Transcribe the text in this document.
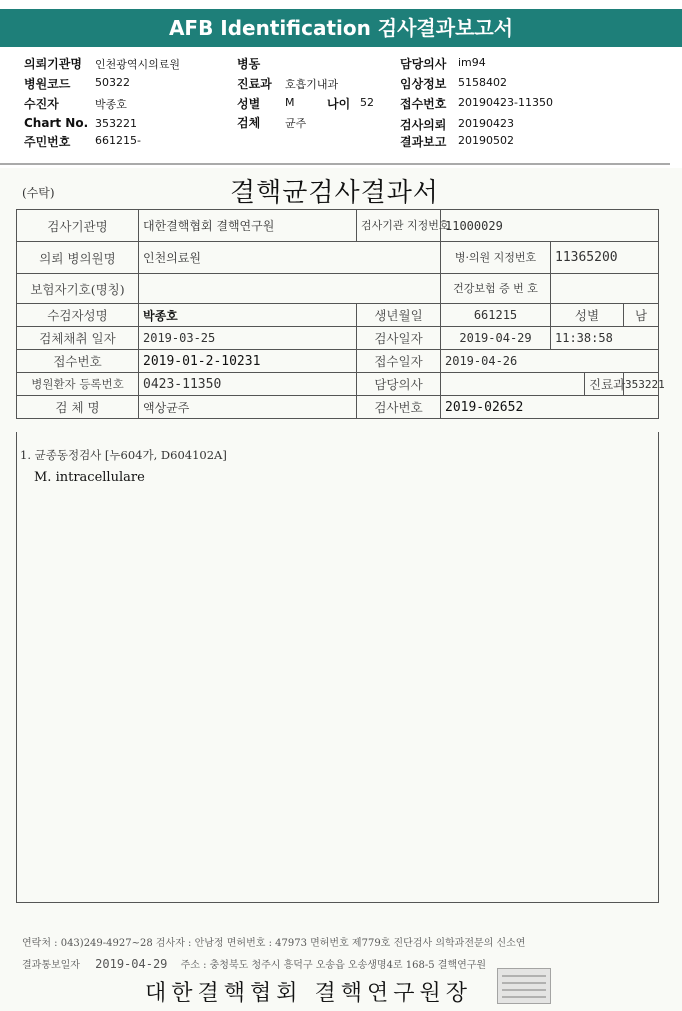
AFB Identification 검사결과보고서
의뢰기관명 인천광역시의료원
병원코드 50322
수진자	박종호
Chart No. 353221
주민번호 661215-
병동
진료과 호흡기내과
성별 M
검체 균주
나이 52
담당의사 im94
임상정보 5158402
접수번호 20190423-11350
검사의뢰 20190423
결과보고 20190502
(수탁)	결핵균검사결과서
검사기관명	대한결핵협회 결핵연구원	검사기관 지정번호	11000029			
의뢰 병의원명	인천의료원		병·의원 지정번호	11365200		
보험자기호(명칭)			건강보험 증 번 호			
수검자성명	박종호	생년월일	661215	성별		남
검체채취 일자	2019-03-25	검사일자	2019-04-29	11:38:58		
접수번호	2019-01-2-10231	접수일자	2019-04-26			
병원환자 등록번호	0423-11350	담당의사			진료과	353221
검 체 명	액상균주	검사번호	2019-02652			
1. 균종동정검사 [누604가, D604102A]
M. intracellulare
연락처 : 043)249-4927~28 검사자 : 안남정 면허번호 : 47973 면허번호 제779호 진단검사 의학과전문의 신소연
결과통보일자 2019-04-29 주소 : 충청북도 청주시 흥덕구 오송읍 오송생명4로 168-5 결핵연구원
대한결핵협회 결핵연구원장
